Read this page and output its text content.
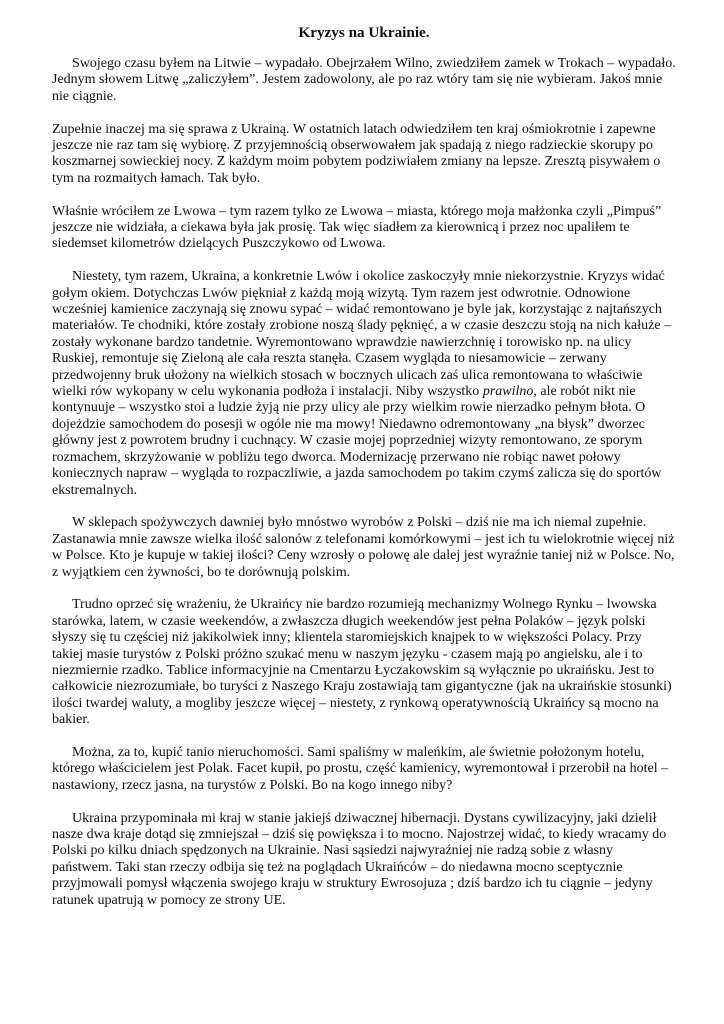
Kryzys na Ukrainie.

Swojego czasu byłem na Litwie – wypadało. Obejrzałem Wilno, zwiedziłem zamek w Trokach – wypadało. Jednym słowem Litwę „zaliczyłem”. Jestem zadowolony, ale po raz wtóry tam się nie wybieram. Jakoś mnie nie ciągnie.

Zupełnie inaczej ma się sprawa z Ukrainą. W ostatnich latach odwiedziłem ten kraj ośmiokrotnie i zapewne jeszcze nie raz tam się wybiorę. Z przyjemnością obserwowałem jak spadają z niego radzieckie skorupy po koszmarnej sowieckiej nocy. Z każdym moim pobytem podziwiałem zmiany na lepsze. Zresztą pisywałem o tym na rozmaitych łamach. Tak było.

Właśnie wróciłem ze Lwowa – tym razem tylko ze Lwowa – miasta, którego moja małżonka czyli „Pimpuś” jeszcze nie widziała, a ciekawa była jak prosię. Tak więc siadłem za kierownicą i przez noc upaliłem te siedemset kilometrów dzielących Puszczykowo od Lwowa.

Niestety, tym razem, Ukraina, a konkretnie Lwów i okolice zaskoczyły mnie niekorzystnie. Kryzys widać gołym okiem. Dotychczas Lwów piękniał z każdą moją wizytą. Tym razem jest odwrotnie. Odnowione wcześniej kamienice zaczynają się znowu sypać – widać remontowano je byle jak, korzystając z najtańszych materiałów. Te chodniki, które zostały zrobione noszą ślady pęknięć, a w czasie deszczu stoją na nich kałuże – zostały wykonane bardzo tandetnie. Wyremontowano wprawdzie nawierzchnię i torowisko np. na ulicy Ruskiej, remontuje się Zieloną ale cała reszta stanęła. Czasem wygląda to niesamowicie – zerwany przedwojenny bruk ułożony na wielkich stosach w bocznych ulicach zaś ulica remontowana to właściwie wielki rów wykopany w celu wykonania podłoża i instalacji. Niby wszystko prawilno, ale robót nikt nie kontynuuje – wszystko stoi a ludzie żyją nie przy ulicy ale przy wielkim rowie nierzadko pełnym błota. O dojeżdzie samochodem do posesji w ogóle nie ma mowy! Niedawno odremontowany „na błysk” dworzec główny jest z powrotem brudny i cuchnący. W czasie mojej poprzedniej wizyty remontowano, ze sporym rozmachem, skrzyżowanie w pobliżu tego dworca. Modernizację przerwano nie robiąc nawet połowy koniecznych napraw – wygląda to rozpaczliwie, a jazda samochodem po takim czymś zalicza się do sportów ekstremalnych.

W sklepach spożywczych dawniej było mnóstwo wyrobów z Polski – dziś nie ma ich niemal zupełnie. Zastanawia mnie zawsze wielka ilość salonów z telefonami komórkowymi – jest ich tu wielokrotnie więcej niż w Polsce. Kto je kupuje w takiej ilości? Ceny wzrosły o połowę ale dalej jest wyraźnie taniej niż w Polsce. No, z wyjątkiem cen żywności, bo te dorównują polskim.

Trudno oprzeć się wrażeniu, że Ukraińcy nie bardzo rozumieją mechanizmy Wolnego Rynku – lwowska starówka, latem, w czasie weekendów, a zwłaszcza długich weekendów jest pełna Polaków – język polski słyszy się tu częściej niż jakikolwiek inny; klientela staromiejskich knajpek to w większości Polacy. Przy takiej masie turystów z Polski próżno szukać menu w naszym języku - czasem mają po angielsku, ale i to niezmiernie rzadko. Tablice informacyjnie na Cmentarzu Łyczakowskim są wyłącznie po ukraińsku. Jest to całkowicie niezrozumiałe, bo turyści z Naszego Kraju zostawiają tam gigantyczne (jak na ukraińskie stosunki) ilości twardej waluty, a mogliby jeszcze więcej – niestety, z rynkową operatywnością Ukraińcy są mocno na bakier.

Można, za to, kupić tanio nieruchomości. Sami spaliśmy w maleńkim, ale świetnie położonym hotelu, którego właścicielem jest Polak. Facet kupił, po prostu, część kamienicy, wyremontował i przerobił na hotel – nastawiony, rzecz jasna, na turystów z Polski. Bo na kogo innego niby?

Ukraina przypominała mi kraj w stanie jakiejś dziwacznej hibernacji. Dystans cywilizacyjny, jaki dzielił nasze dwa kraje dotąd się zmniejszał – dziś się powiększa i to mocno. Najostrzej widać, to kiedy wracamy do Polski po kilku dniach spędzonych na Ukrainie. Nasi sąsiedzi najwyraźniej nie radzą sobie z własny państwem. Taki stan rzeczy odbija się też na poglądach Ukraińców – do niedawna mocno sceptycznie przyjmowali pomysł włączenia swojego kraju w struktury Ewrosojuza ; dziś bardzo ich tu ciągnie – jedyny ratunek upatrują w pomocy ze strony UE.
